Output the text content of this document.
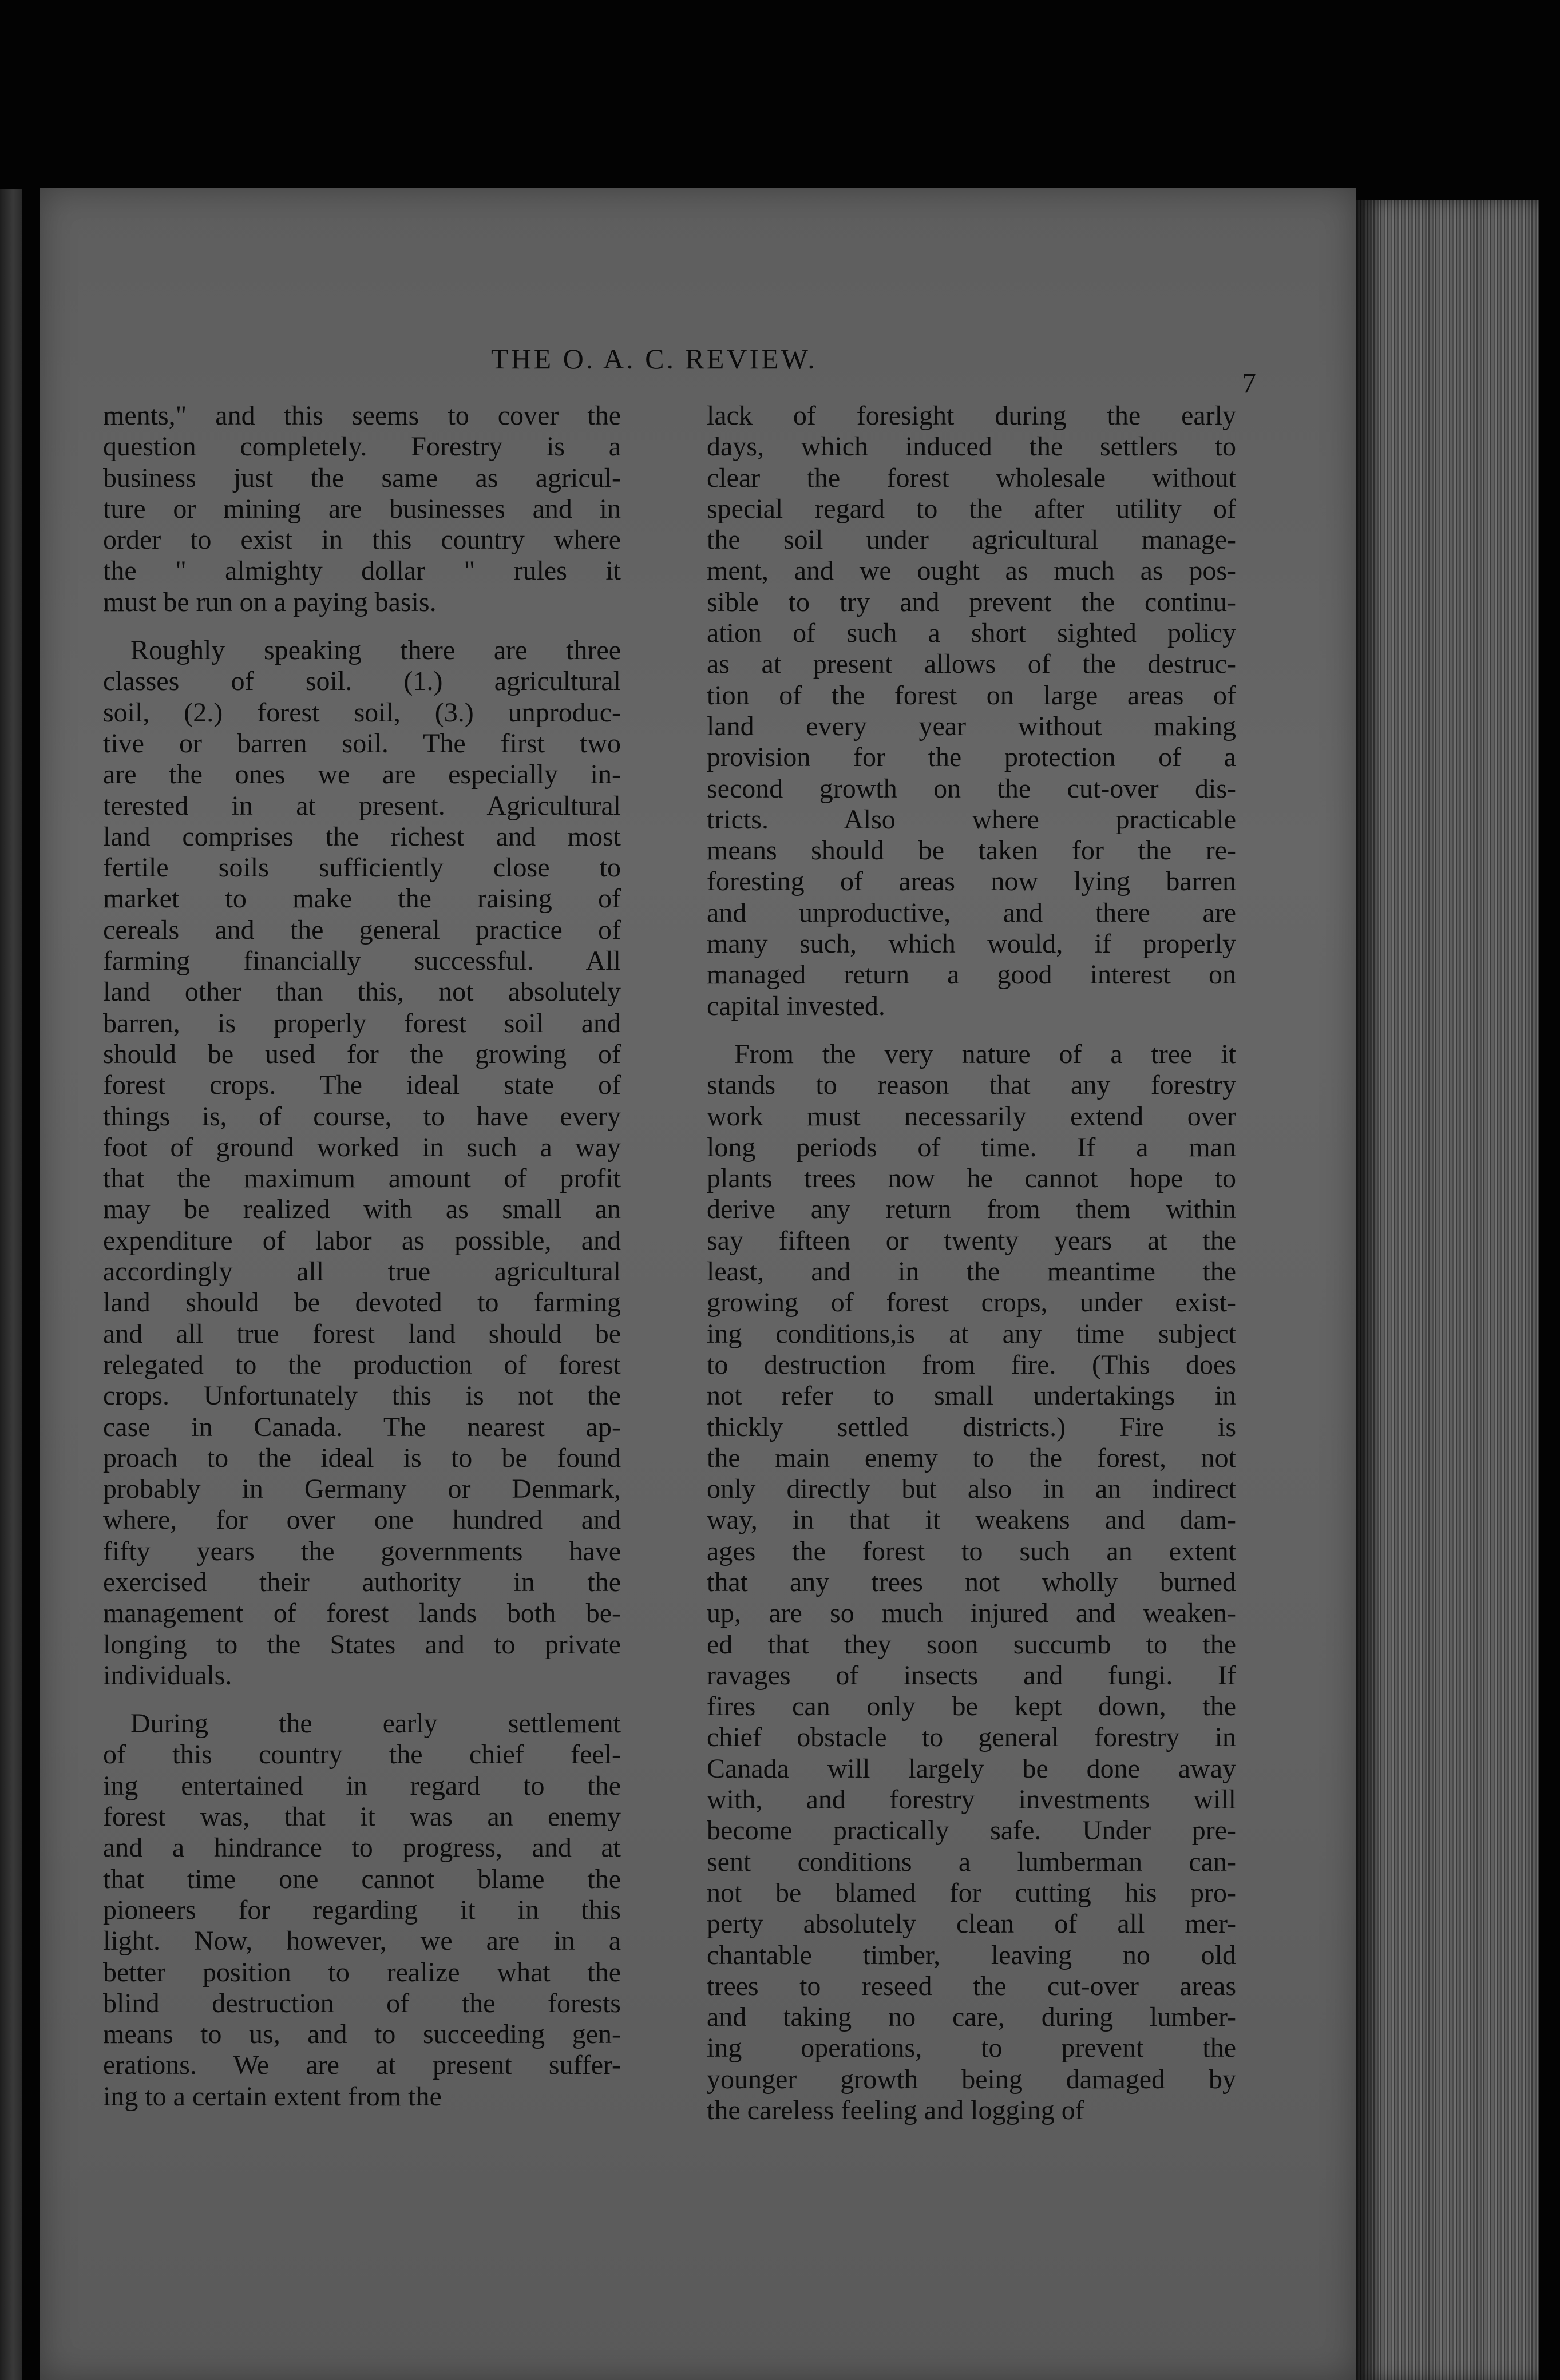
THE O. A. C. REVIEW.
7
ments," and this seems to cover the
question completely. Forestry is a
business just the same as agricul-
ture or mining are businesses and in
order to exist in this country where
the " almighty dollar " rules it
must be run on a paying basis.
Roughly speaking there are three
classes of soil. (1.) agricultural
soil, (2.) forest soil, (3.) unproduc-
tive or barren soil. The first two
are the ones we are especially in-
terested in at present. Agricultural
land comprises the richest and most
fertile soils sufficiently close to
market to make the raising of
cereals and the general practice of
farming financially successful. All
land other than this, not absolutely
barren, is properly forest soil and
should be used for the growing of
forest crops. The ideal state of
things is, of course, to have every
foot of ground worked in such a way
that the maximum amount of profit
may be realized with as small an
expenditure of labor as possible, and
accordingly all true agricultural
land should be devoted to farming
and all true forest land should be
relegated to the production of forest
crops. Unfortunately this is not the
case in Canada. The nearest ap-
proach to the ideal is to be found
probably in Germany or Denmark,
where, for over one hundred and
fifty years the governments have
exercised their authority in the
management of forest lands both be-
longing to the States and to private
individuals.
During the early settlement
of this country the chief feel-
ing entertained in regard to the
forest was, that it was an enemy
and a hindrance to progress, and at
that time one cannot blame the
pioneers for regarding it in this
light. Now, however, we are in a
better position to realize what the
blind destruction of the forests
means to us, and to succeeding gen-
erations. We are at present suffer-
ing to a certain extent from the
lack of foresight during the early
days, which induced the settlers to
clear the forest wholesale without
special regard to the after utility of
the soil under agricultural manage-
ment, and we ought as much as pos-
sible to try and prevent the continu-
ation of such a short sighted policy
as at present allows of the destruc-
tion of the forest on large areas of
land every year without making
provision for the protection of a
second growth on the cut-over dis-
tricts. Also where practicable
means should be taken for the re-
foresting of areas now lying barren
and unproductive, and there are
many such, which would, if properly
managed return a good interest on
capital invested.
From the very nature of a tree it
stands to reason that any forestry
work must necessarily extend over
long periods of time. If a man
plants trees now he cannot hope to
derive any return from them within
say fifteen or twenty years at the
least, and in the meantime the
growing of forest crops, under exist-
ing conditions,is at any time subject
to destruction from fire. (This does
not refer to small undertakings in
thickly settled districts.) Fire is
the main enemy to the forest, not
only directly but also in an indirect
way, in that it weakens and dam-
ages the forest to such an extent
that any trees not wholly burned
up, are so much injured and weaken-
ed that they soon succumb to the
ravages of insects and fungi. If
fires can only be kept down, the
chief obstacle to general forestry in
Canada will largely be done away
with, and forestry investments will
become practically safe. Under pre-
sent conditions a lumberman can-
not be blamed for cutting his pro-
perty absolutely clean of all mer-
chantable timber, leaving no old
trees to reseed the cut-over areas
and taking no care, during lumber-
ing operations, to prevent the
younger growth being damaged by
the careless feeling and logging of
